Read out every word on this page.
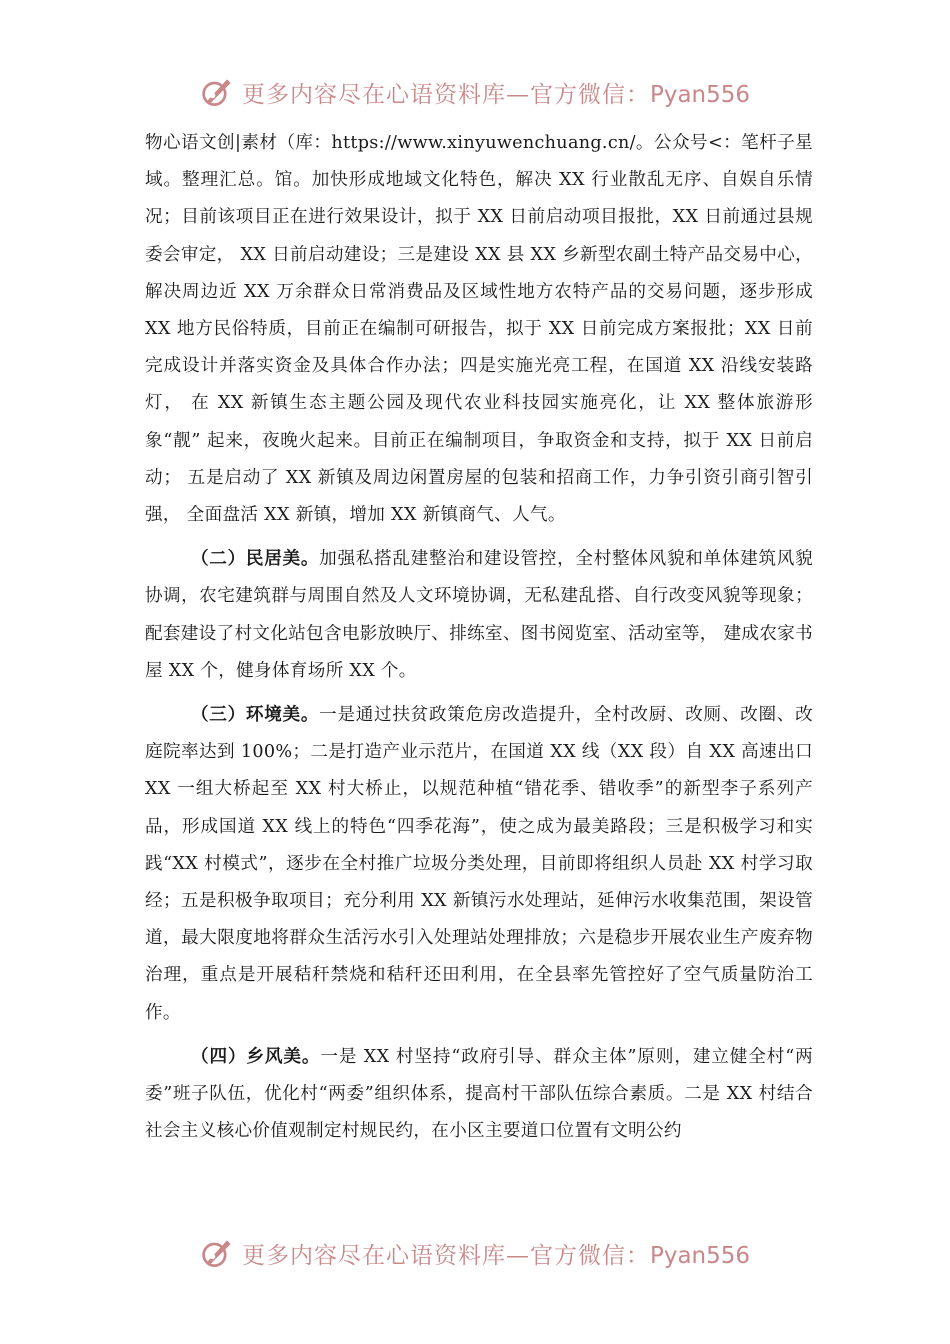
更多内容尽在心语资料库—官方微信：Pyan556

物心语文创|素材（库：https://www.xinyuwenchuang.cn/。公众号<：笔杆子星域。整理汇总。馆。加快形成地域文化特色，解决 XX 行业散乱无序、自娱自乐情况；目前该项目正在进行效果设计，拟于 XX 日前启动项目报批，XX 日前通过县规委会审定， XX 日前启动建设；三是建设 XX 县 XX 乡新型农副土特产品交易中心，解决周边近 XX 万余群众日常消费品及区域性地方农特产品的交易问题，逐步形成 XX 地方民俗特质，目前正在编制可研报告，拟于 XX 日前完成方案报批；XX 日前完成设计并落实资金及具体合作办法；四是实施光亮工程，在国道 XX 沿线安装路灯， 在 XX 新镇生态主题公园及现代农业科技园实施亮化，让 XX 整体旅游形象“靓” 起来，夜晚火起来。目前正在编制项目，争取资金和支持，拟于 XX 日前启动； 五是启动了 XX 新镇及周边闲置房屋的包装和招商工作，力争引资引商引智引强， 全面盘活 XX 新镇，增加 XX 新镇商气、人气。

（二）民居美。加强私搭乱建整治和建设管控，全村整体风貌和单体建筑风貌协调，农宅建筑群与周围自然及人文环境协调，无私建乱搭、自行改变风貌等现象；配套建设了村文化站包含电影放映厅、排练室、图书阅览室、活动室等， 建成农家书屋 XX 个，健身体育场所 XX 个。

（三）环境美。一是通过扶贫政策危房改造提升，全村改厨、改厕、改圈、改庭院率达到 100%；二是打造产业示范片，在国道 XX 线（XX 段）自 XX 高速出口 XX 一组大桥起至 XX 村大桥止，以规范种植“错花季、错收季”的新型李子系列产品，形成国道 XX 线上的特色“四季花海”，使之成为最美路段；三是积极学习和实践“XX 村模式”，逐步在全村推广垃圾分类处理，目前即将组织人员赴 XX 村学习取经；五是积极争取项目；充分利用 XX 新镇污水处理站，延伸污水收集范围，架设管道，最大限度地将群众生活污水引入处理站处理排放；六是稳步开展农业生产废弃物治理，重点是开展秸秆禁烧和秸秆还田利用，在全县率先管控好了空气质量防治工作。

（四）乡风美。一是 XX 村坚持“政府引导、群众主体”原则，建立健全村“两委”班子队伍，优化村“两委”组织体系，提高村干部队伍综合素质。二是 XX 村结合社会主义核心价值观制定村规民约，在小区主要道口位置有文明公约

更多内容尽在心语资料库—官方微信：Pyan556
